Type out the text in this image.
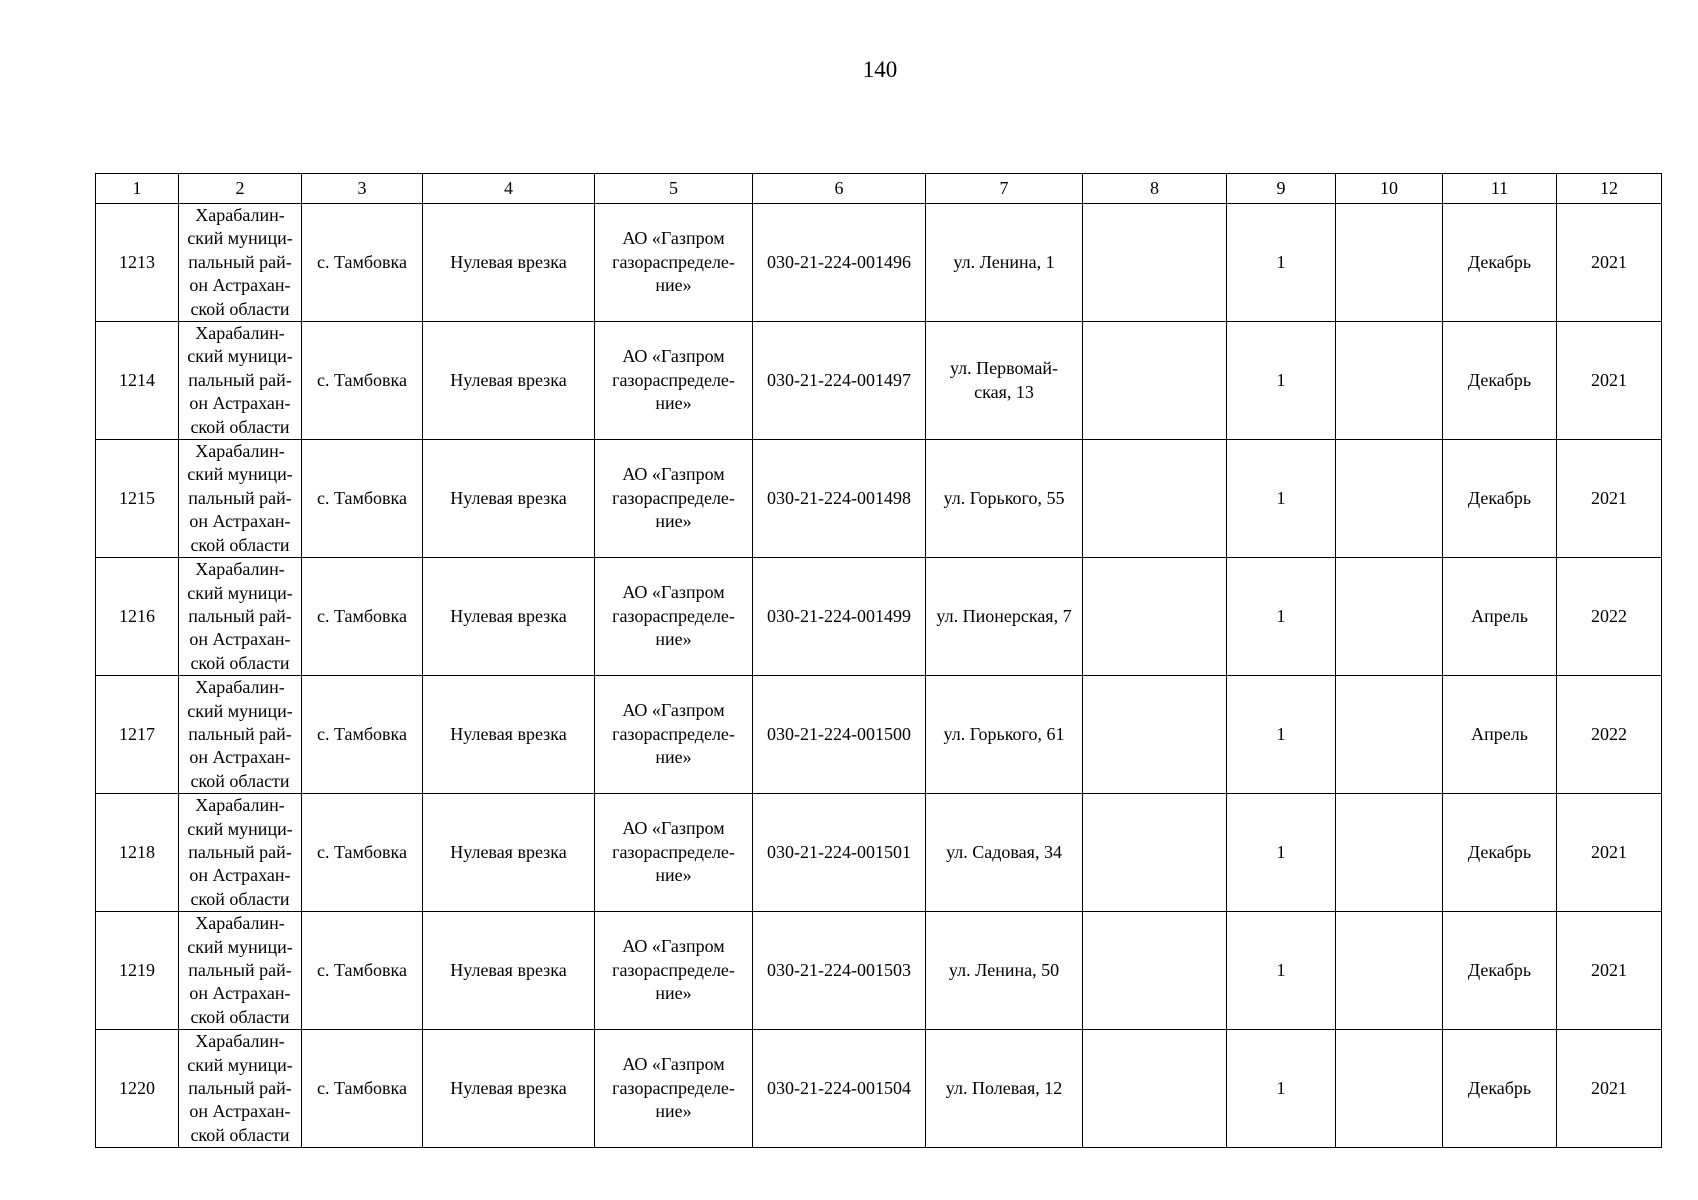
140
1	2	3	4	5	6	7	8	9	10	11	12
1213	Харабалин-
ский муници-
пальный рай-
он Астрахан-
ской области	с. Тамбовка	Нулевая врезка	АО «Газпром
газораспределе-
ние»	030-21-224-001496	ул. Ленина, 1		1		Декабрь	2021
1214	Харабалин-
ский муници-
пальный рай-
он Астрахан-
ской области	с. Тамбовка	Нулевая врезка	АО «Газпром
газораспределе-
ние»	030-21-224-001497	ул. Первомай-
ская, 13		1		Декабрь	2021
1215	Харабалин-
ский муници-
пальный рай-
он Астрахан-
ской области	с. Тамбовка	Нулевая врезка	АО «Газпром
газораспределе-
ние»	030-21-224-001498	ул. Горького, 55		1		Декабрь	2021
1216	Харабалин-
ский муници-
пальный рай-
он Астрахан-
ской области	с. Тамбовка	Нулевая врезка	АО «Газпром
газораспределе-
ние»	030-21-224-001499	ул. Пионерская, 7		1		Апрель	2022
1217	Харабалин-
ский муници-
пальный рай-
он Астрахан-
ской области	с. Тамбовка	Нулевая врезка	АО «Газпром
газораспределе-
ние»	030-21-224-001500	ул. Горького, 61		1		Апрель	2022
1218	Харабалин-
ский муници-
пальный рай-
он Астрахан-
ской области	с. Тамбовка	Нулевая врезка	АО «Газпром
газораспределе-
ние»	030-21-224-001501	ул. Садовая, 34		1		Декабрь	2021
1219	Харабалин-
ский муници-
пальный рай-
он Астрахан-
ской области	с. Тамбовка	Нулевая врезка	АО «Газпром
газораспределе-
ние»	030-21-224-001503	ул. Ленина, 50		1		Декабрь	2021
1220	Харабалин-
ский муници-
пальный рай-
он Астрахан-
ской области	с. Тамбовка	Нулевая врезка	АО «Газпром
газораспределе-
ние»	030-21-224-001504	ул. Полевая, 12		1		Декабрь	2021
